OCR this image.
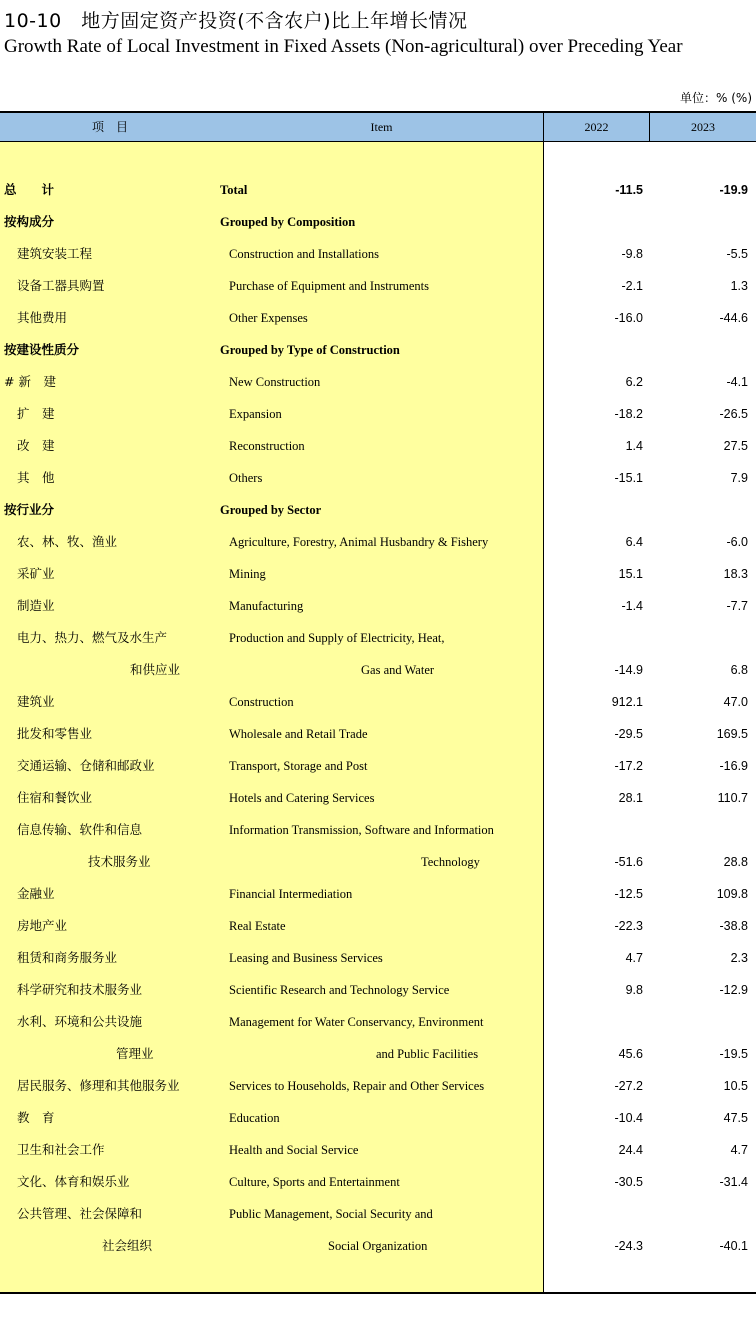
10-10　地方固定资产投资(不含农户)比上年增长情况
Growth Rate of Local Investment in Fixed Assets (Non-agricultural) over Preceding Year
单位：% (%)
项　目	Item	2022	2023
总　　计	Total	-11.5	-19.9
按构成分	Grouped by Composition
建筑安装工程	Construction and Installations	-9.8	-5.5
设备工器具购置	Purchase of Equipment and Instruments	-2.1	1.3
其他费用	Other Expenses	-16.0	-44.6
按建设性质分	Grouped by Type of Construction
# 新　建	New Construction	6.2	-4.1
扩　建	Expansion	-18.2	-26.5
改　建	Reconstruction	1.4	27.5
其　他	Others	-15.1	7.9
按行业分	Grouped by Sector
农、林、牧、渔业	Agriculture, Forestry, Animal Husbandry & Fishery	6.4	-6.0
采矿业	Mining	15.1	18.3
制造业	Manufacturing	-1.4	-7.7
电力、热力、燃气及水生产	Production and Supply of Electricity, Heat,
和供应业	Gas and Water	-14.9	6.8
建筑业	Construction	912.1	47.0
批发和零售业	Wholesale and Retail Trade	-29.5	169.5
交通运输、仓储和邮政业	Transport, Storage and Post	-17.2	-16.9
住宿和餐饮业	Hotels and Catering Services	28.1	110.7
信息传输、软件和信息	Information Transmission, Software and Information
技术服务业	Technology	-51.6	28.8
金融业	Financial Intermediation	-12.5	109.8
房地产业	Real Estate	-22.3	-38.8
租赁和商务服务业	Leasing and Business Services	4.7	2.3
科学研究和技术服务业	Scientific Research and Technology Service	9.8	-12.9
水利、环境和公共设施	Management for Water Conservancy, Environment
管理业	and Public Facilities	45.6	-19.5
居民服务、修理和其他服务业	Services to Households, Repair and Other Services	-27.2	10.5
教　育	Education	-10.4	47.5
卫生和社会工作	Health and Social Service	24.4	4.7
文化、体育和娱乐业	Culture, Sports and Entertainment	-30.5	-31.4
公共管理、社会保障和	Public Management, Social Security and
社会组织	Social Organization	-24.3	-40.1
